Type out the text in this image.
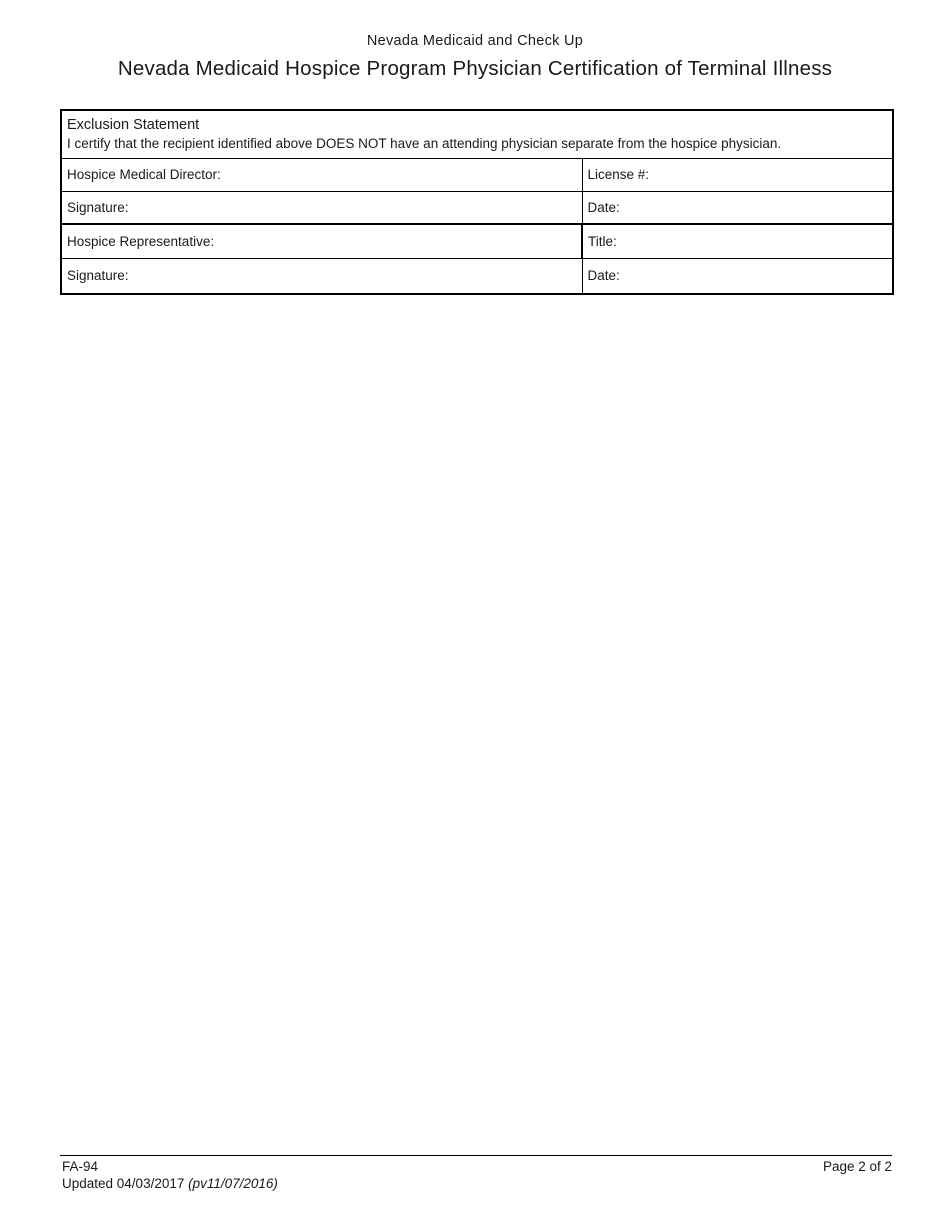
Nevada Medicaid and Check Up
Nevada Medicaid Hospice Program Physician Certification of Terminal Illness
Exclusion Statement
I certify that the recipient identified above DOES NOT have an attending physician separate from the hospice physician.	

Hospice Medical Director:	License #:
Signature:	Date:
Hospice Representative:	Title:
Signature:	Date:
FA-94
Updated 04/03/2017 (pv11/07/2016)
Page 2 of 2
